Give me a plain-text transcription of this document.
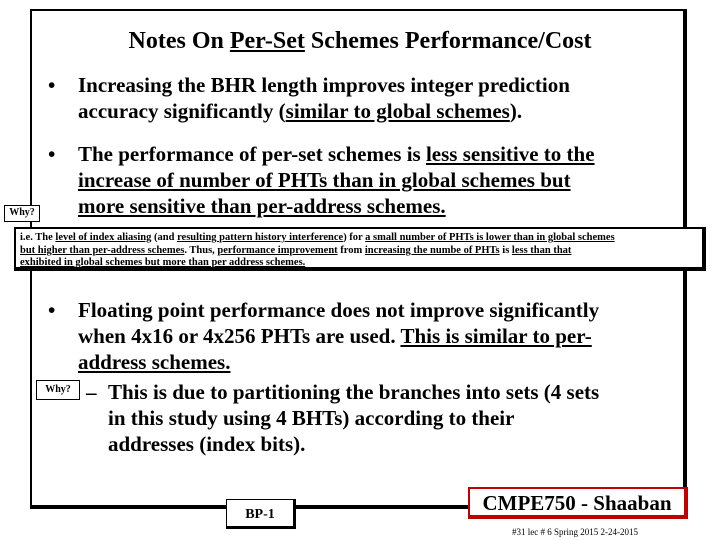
Notes On Per-Set Schemes Performance/Cost
• Increasing the BHR length improves integer prediction
accuracy significantly (similar to global schemes).
• The performance of per-set schemes is less sensitive to the
increase of number of PHTs than in global schemes but
more sensitive than per-address schemes.
Why?
i.e. The level of index aliasing (and resulting pattern history interference) for a small number of PHTs is lower than in global schemes
but higher than per-address schemes. Thus, performance improvement from increasing the numbe of PHTs is less than that
exhibited in global schemes but more than per address schemes.
• Floating point performance does not improve significantly
when 4x16 or 4x256 PHTs are used. This is similar to per-
address schemes.
Why? – This is due to partitioning the branches into sets (4 sets
in this study using 4 BHTs) according to their
addresses (index bits).
BP-1	CMPE750 - Shaaban
#31 lec # 6 Spring 2015 2-24-2015
